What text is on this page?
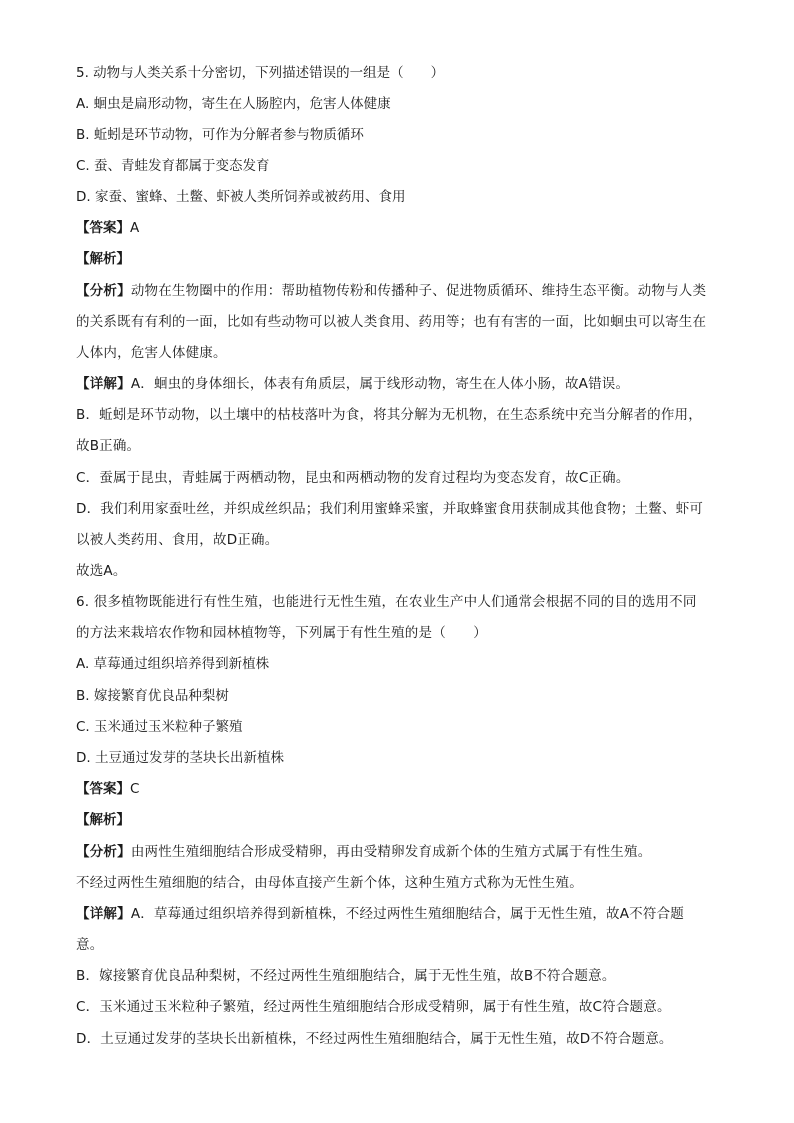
5. 动物与人类关系十分密切，下列描述错误的一组是（　　）
A. 蛔虫是扁形动物，寄生在人肠腔内，危害人体健康
B. 蚯蚓是环节动物，可作为分解者参与物质循环
C. 蚕、青蛙发育都属于变态发育
D. 家蚕、蜜蜂、土鳖、虾被人类所饲养或被药用、食用
【答案】A
【解析】
【分析】动物在生物圈中的作用：帮助植物传粉和传播种子、促进物质循环、维持生态平衡。动物与人类
的关系既有有利的一面，比如有些动物可以被人类食用、药用等；也有有害的一面，比如蛔虫可以寄生在
人体内，危害人体健康。
【详解】A．蛔虫的身体细长，体表有角质层，属于线形动物，寄生在人体小肠，故A错误。
B．蚯蚓是环节动物，以土壤中的枯枝落叶为食，将其分解为无机物，在生态系统中充当分解者的作用，
故B正确。
C．蚕属于昆虫，青蛙属于两栖动物，昆虫和两栖动物的发育过程均为变态发育，故C正确。
D．我们利用家蚕吐丝，并织成丝织品；我们利用蜜蜂采蜜，并取蜂蜜食用获制成其他食物；土鳖、虾可
以被人类药用、食用，故D正确。
故选A。
6. 很多植物既能进行有性生殖，也能进行无性生殖，在农业生产中人们通常会根据不同的目的选用不同
的方法来栽培农作物和园林植物等，下列属于有性生殖的是（　　）
A. 草莓通过组织培养得到新植株
B. 嫁接繁育优良品种梨树
C. 玉米通过玉米粒种子繁殖
D. 土豆通过发芽的茎块长出新植株
【答案】C
【解析】
【分析】由两性生殖细胞结合形成受精卵，再由受精卵发育成新个体的生殖方式属于有性生殖。
不经过两性生殖细胞的结合，由母体直接产生新个体，这种生殖方式称为无性生殖。
【详解】A．草莓通过组织培养得到新植株，不经过两性生殖细胞结合，属于无性生殖，故A不符合题
意。
B．嫁接繁育优良品种梨树，不经过两性生殖细胞结合，属于无性生殖，故B不符合题意。
C．玉米通过玉米粒种子繁殖，经过两性生殖细胞结合形成受精卵，属于有性生殖，故C符合题意。
D．土豆通过发芽的茎块长出新植株，不经过两性生殖细胞结合，属于无性生殖，故D不符合题意。
